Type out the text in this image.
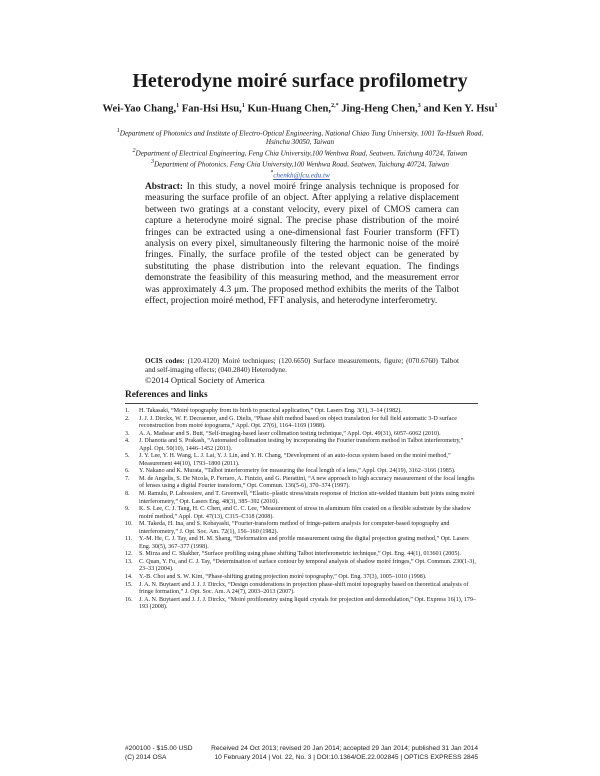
Heterodyne moiré surface profilometry
Wei-Yao Chang,$^1$ Fan-Hsi Hsu,$^1$ Kun-Huang Chen,$^{2,*}$ Jing-Heng Chen,$^3$ and Ken Y. Hsu$^1$
$^1$Department of Photonics and Institute of Electro-Optical Engineering, National Chiao Tung University, 1001 Ta-Hsueh Road, Hsinchu 30050, Taiwan
$^2$Department of Electrical Engineering, Feng Chia University,100 Wenhwa Road, Seatwen, Taichung 40724, Taiwan
$^3$Department of Photonics, Feng Chia University,100 Wenhwa Road, Seatwen, Taichung 40724, Taiwan
*chenkh@fcu.edu.tw
Abstract: In this study, a novel moiré fringe analysis technique is proposed for measuring the surface profile of an object. After applying a relative displacement between two gratings at a constant velocity, every pixel of CMOS camera can capture a heterodyne moiré signal. The precise phase distribution of the moiré fringes can be extracted using a one-dimensional fast Fourier transform (FFT) analysis on every pixel, simultaneously filtering the harmonic noise of the moiré fringes. Finally, the surface profile of the tested object can be generated by substituting the phase distribution into the relevant equation. The findings demonstrate the feasibility of this measuring method, and the measurement error was approximately 4.3 μm. The proposed method exhibits the merits of the Talbot effect, projection moiré method, FFT analysis, and heterodyne interferometry.
OCIS codes: (120.4120) Moiré techniques; (120.6650) Surface measurements, figure; (070.6760) Talbot and self-imaging effects; (040.2840) Heterodyne.
©2014 Optical Society of America
References and links
1.	H. Takasaki, “Moiré topography from its birth to practical application,” Opt. Lasers Eng. 3(1), 3–14 (1982).
2.	J. J. J. Dirckx, W. F. Decraemer, and G. Dielis, “Phase shift method based on object translation for full field automatic 3-D surface reconstruction from moiré topograms,” Appl. Opt. 27(6), 1164–1169 (1988).
3.	A. A. Madssar and S. Butt, “Self-imaging-based laser collimation testing technique,” Appl. Opt. 49(31), 6057–6062 (2010).
4.	J. Dhanotia and S. Prakash, “Automated collimation testing by incorporating the Fourier transform method in Talbot interferometry,” Appl. Opt. 50(10), 1446–1452 (2011).
5.	J. Y. Lee, Y. H. Wang, L. J. Lai, Y. J. Lin, and Y. H. Chang, “Development of an auto-focus system based on the moiré method,” Measurement 44(10), 1793–1800 (2011).
6.	Y. Nakano and K. Murata, “Talbot interferometry for measuring the focal length of a lens,” Appl. Opt. 24(19), 3162–3166 (1985).
7.	M. de Angelis, S. De Nicola, P. Ferraro, A. Finizio, and G. Pierattini, “A new approach to high accuracy measurement of the focal lengths of lenses using a digital Fourier transform,” Opt. Commun. 136(5-6), 370–374 (1997).
8.	M. Ramulu, P. Labossiere, and T. Greenwell, “Elastic–plastic stress/strain response of friction stir-welded titanium butt joints using moiré interferometry,” Opt. Lasers Eng. 48(3), 385–392 (2010).
9.	K. S. Lee, C. J. Tang, H. C. Chen, and C. C. Lee, “Measurement of stress in aluminum film coated on a flexible substrate by the shadow moiré method,” Appl. Opt. 47(13), C315–C318 (2008).
10.	M. Takeda, H. Ina, and S. Kobayashi, “Fourier-transform method of fringe-pattern analysis for computer-based topography and interferometry,” J. Opt. Soc. Am. 72(1), 156–160 (1982).
11.	Y.-M. He, C. J. Tay, and H. M. Shang, “Deformation and profile measurement using the digital projection grating method,” Opt. Lasers Eng. 30(5), 367–377 (1998).
12.	S. Mirza and C. Shakher, “Surface profiling using phase shifting Talbot interferometric technique,” Opt. Eng. 44(1), 013601 (2005).
13.	C. Quan, Y. Fu, and C. J. Tay, “Determination of surface contour by temporal analysis of shadow moiré fringes,” Opt. Commun. 230(1-3), 23–33 (2004).
14.	Y.-B. Choi and S. W. Kim, “Phase-shifting grating projection moiré topography,” Opt. Eng. 37(3), 1005–1010 (1998).
15.	J. A. N. Buytaert and J. J. J. Dirckx, “Design considerations in projection phase-shift moiré topography based on theoretical analysis of fringe formation,” J. Opt. Soc. Am. A 24(7), 2003–2013 (2007).
16.	J. A. N. Buytaert and J. J. J. Dirckx, “Moiré profilometry using liquid crystals for projection and demodulation,” Opt. Express 16(1), 179–193 (2008).
#200100 - $15.00 USD	Received 24 Oct 2013; revised 20 Jan 2014; accepted 29 Jan 2014; published 31 Jan 2014
(C) 2014 OSA	10 February 2014 | Vol. 22, No. 3 | DOI:10.1364/OE.22.002845 | OPTICS EXPRESS 2845
